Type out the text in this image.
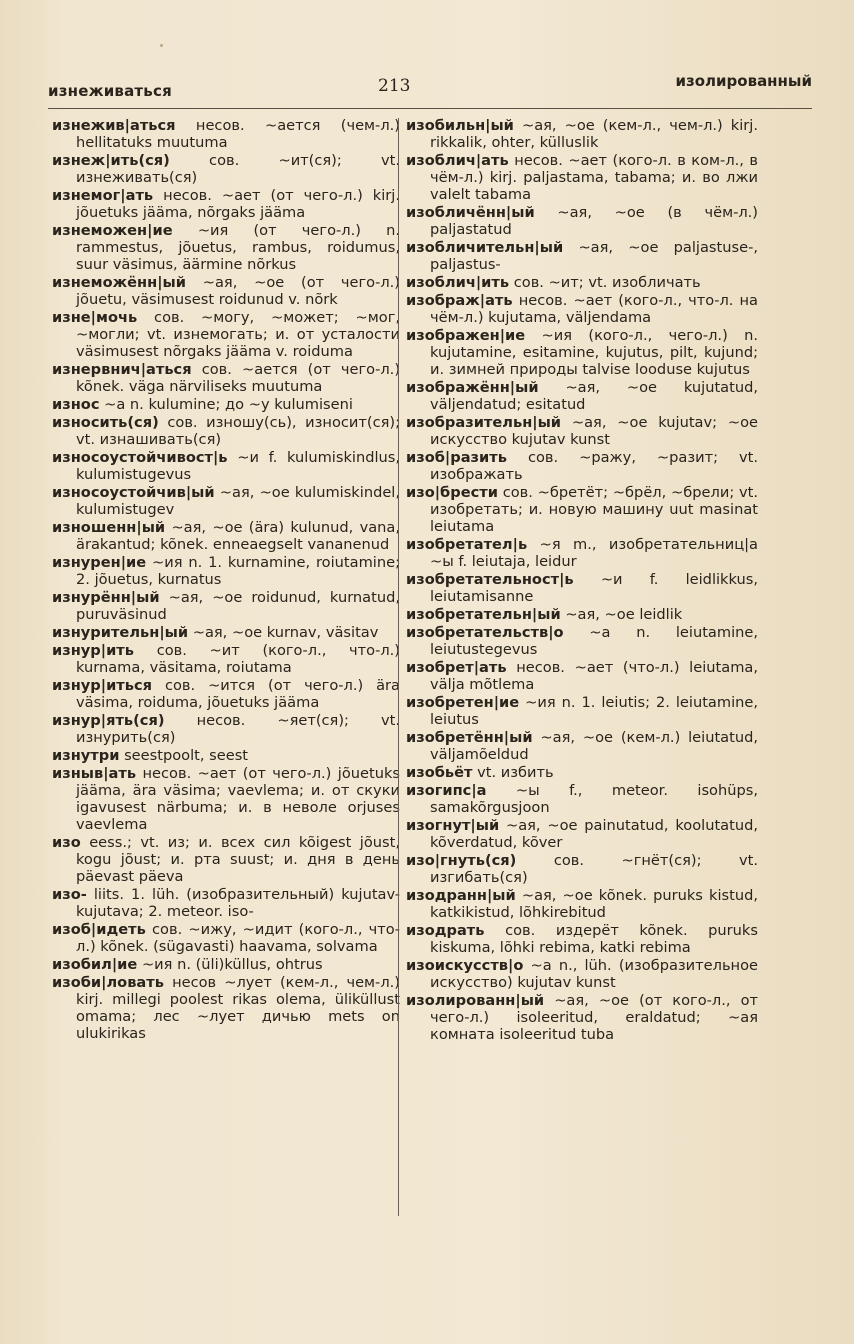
изнеживаться	213	изолированный

изнежив|аться несов. ~ается (чем-л.) hellitatuks muutuma

изнеж|ить(ся)	сов. ~ит(ся); vt. изнеживать(ся)

изнемог|ать несов. ~ает (от чего-л.) kirj. jõuetuks jääma, nõrgaks jääma

изнеможен|ие ~ия (от чего-л.) n. rammestus, jõuetus, rambus, roidumus, suur väsimus, äärmine nõrkus

изнеможённ|ый ~ая, ~ое (от чего-л.) jõuetu, väsimusest roidunud v. nõrk

изне|мочь сов. ~могу, ~может; ~мог, ~могли; vt. изнемогать; и. от усталости väsimusest nõrgaks jääma v. roiduma

изнервнич|аться сов. ~ается (от чего-л.) kõnek. väga närviliseks muutuma

износ ~а n. kulumine; до ~у kulumiseni

износить(ся) сов. изношу(сь), износит(ся); vt. изнашивать(ся)

износоустойчивост|ь ~и f. kulumiskindlus, kulumistugevus

износоустойчив|ый ~ая, ~ое kulumiskindel, kulumistugev

изношенн|ый ~ая, ~ое (ära) kulunud, vana, ärakantud; kõnek. enneaegselt vananenud

изнурен|ие ~ия n. 1. kurnamine, roiutamine; 2. jõuetus, kurnatus

изнурённ|ый ~ая, ~ое roidunud, kurnatud, puruväsinud

изнурительн|ый ~ая, ~ое kurnav, väsitav

изнур|ить сов. ~ит (кого-л., что-л.) kurnama, väsitama, roiutama

изнур|иться сов. ~ится (от чего-л.) ära väsima, roiduma, jõuetuks jääma

изнур|ять(ся) несов. ~яет(ся); vt. изнурить(ся)

изнутри seestpoolt, seest

изныв|ать несов. ~ает (от чего-л.) jõuetuks jääma, ära väsima; vaevlema; и. от скуки igavusest närbuma; и. в неволе orjuses vaevlema

изо eess.; vt. из; и. всех сил kõigest jõust, kogu jõust; и. рта suust; и. дня в день päevast päeva

изо- liits. 1. lüh. (изобразительный) kujutav- kujutava; 2. meteor. iso-

изоб|идеть сов. ~ижу, ~идит (кого-л., что-л.) kõnek. (sügavasti) haavama, solvama

изобил|ие ~ия n. (üli)küllus, ohtrus

изоби|ловать несов ~лует (кем-л., чем-л.) kirj. millegi poolest rikas olema, üliküllust omama; лес ~лует дичью mets on ulukirikas

изобильн|ый ~ая, ~ое (кем-л., чем-л.) kirj. rikkalik, ohter, külluslik

изоблич|ать несов. ~ает (кого-л. в ком-л., в чём-л.) kirj. paljastama, tabama; и. во лжи valelt tabama

изобличённ|ый ~ая, ~ое (в чём-л.) paljastatud

изобличительн|ый ~ая, ~ое paljastuse-, paljastus-

изоблич|ить сов. ~ит; vt. изобличать

изображ|ать несов. ~ает (кого-л., что-л. на чём-л.) kujutama, väljendama

изображен|ие ~ия (кого-л., чего-л.) n. kujutamine, esitamine, kujutus, pilt, kujund; и. зимней природы talvise looduse kujutus

изображённ|ый ~ая, ~ое kujutatud, väljendatud; esitatud

изобразительн|ый ~ая, ~ое kujutav; ~ое искусство kujutav kunst

изоб|разить сов. ~ражу, ~разит; vt. изображать

изо|брести сов. ~бретёт; ~брёл, ~брели; vt. изобретать; и. новую машину uut masinat leiutama

изобретател|ь ~я m., изобретательниц|а ~ы f. leiutaja, leidur

изобретательност|ь ~и f. leidlikkus, leiutamisanne

изобретательн|ый ~ая, ~ое leidlik

изобретательств|о ~а n. leiutamine, leiutustegevus

изобрет|ать несов. ~ает (что-л.) leiutama, välja mõtlema

изобретен|ие ~ия n. 1. leiutis; 2. leiutamine, leiutus

изобретённ|ый ~ая, ~ое (кем-л.) leiutatud, väljamõeldud

изобьёт vt. избить

изогипс|а ~ы f., meteor. isohüps, samakõrgusjoon

изогнут|ый ~ая, ~ое painutatud, koolutatud, kõverdatud, kõver

изо|гнуть(ся)	сов. ~гнёт(ся); vt. изгибать(ся)

изодранн|ый ~ая, ~ое kõnek. puruks kistud, katkikistud, lõhkirebitud

изодрать сов. издерёт kõnek. puruks kiskuma, lõhki rebima, katki rebima

изоискусств|о ~а n., lüh. (изобразительное искусство) kujutav kunst

изолированн|ый ~ая, ~ое (от кого-л., от чего-л.) isoleeritud, eraldatud; ~ая комната isoleeritud tuba
